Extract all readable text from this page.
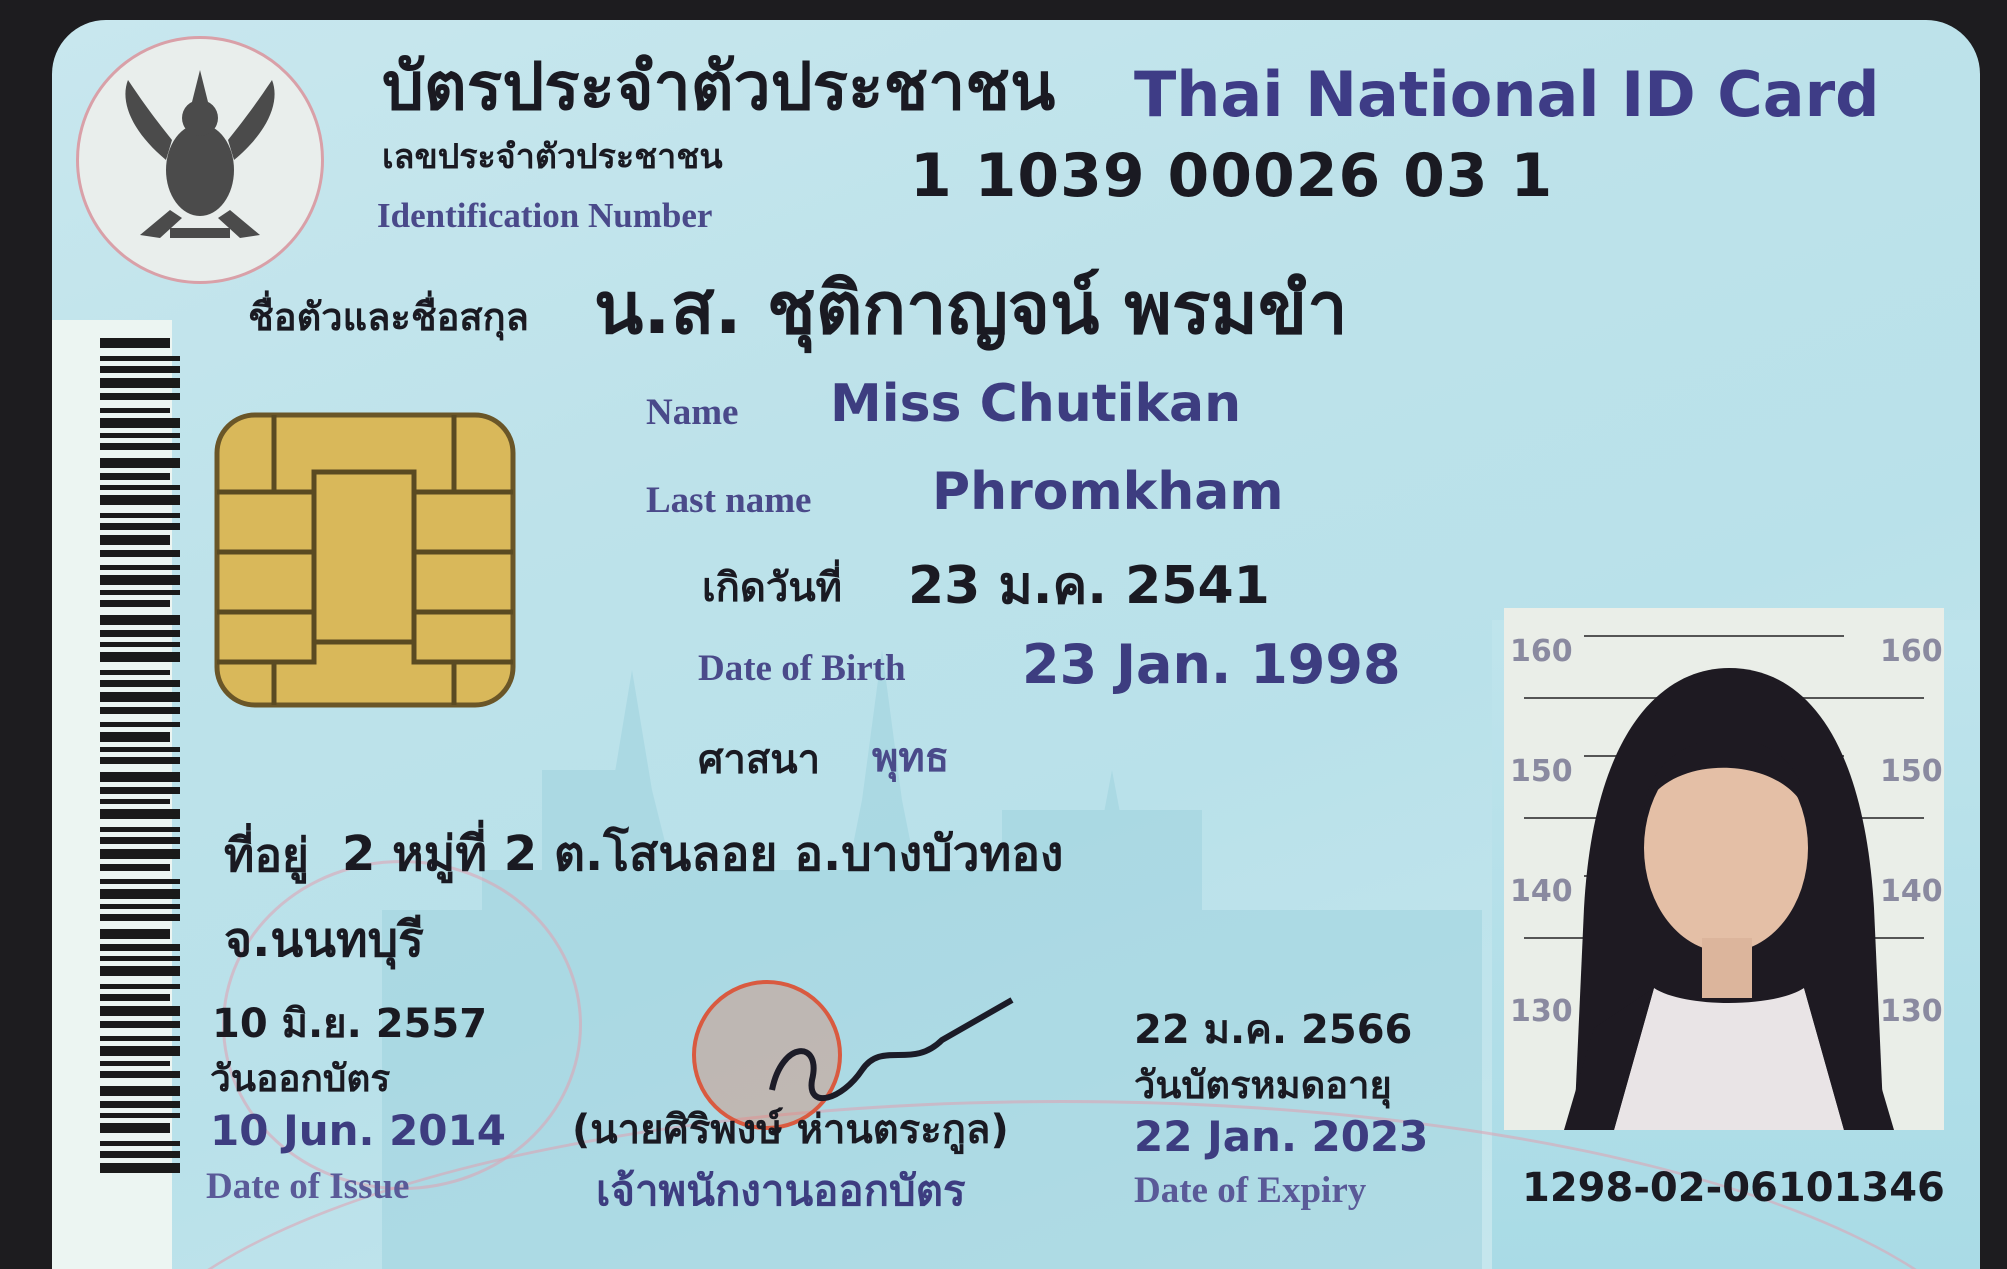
บัตรประจำตัวประชาชน Thai National ID Card
เลขประจำตัวประชาชน
Identification Number
1 1039 00026 03 1
ชื่อตัวและชื่อสกุล น.ส. ชุติกาญจน์ พรมขำ
Name Miss Chutikan
Last name Phromkham
เกิดวันที่ 23 ม.ค. 2541
Date of Birth 23 Jan. 1998
ศาสนา พุทธ
ที่อยู่ 2 หมู่ที่ 2 ต.โสนลอย อ.บางบัวทอง
จ.นนทบุรี
10 มิ.ย. 2557
วันออกบัตร
10 Jun. 2014
Date of Issue
(นายศิริพงษ์ ห่านตระกูล)
เจ้าพนักงานออกบัตร
22 ม.ค. 2566
วันบัตรหมดอายุ
22 Jan. 2023
Date of Expiry
160	160
150	150
140	140
130	130
1298-02-06101346
